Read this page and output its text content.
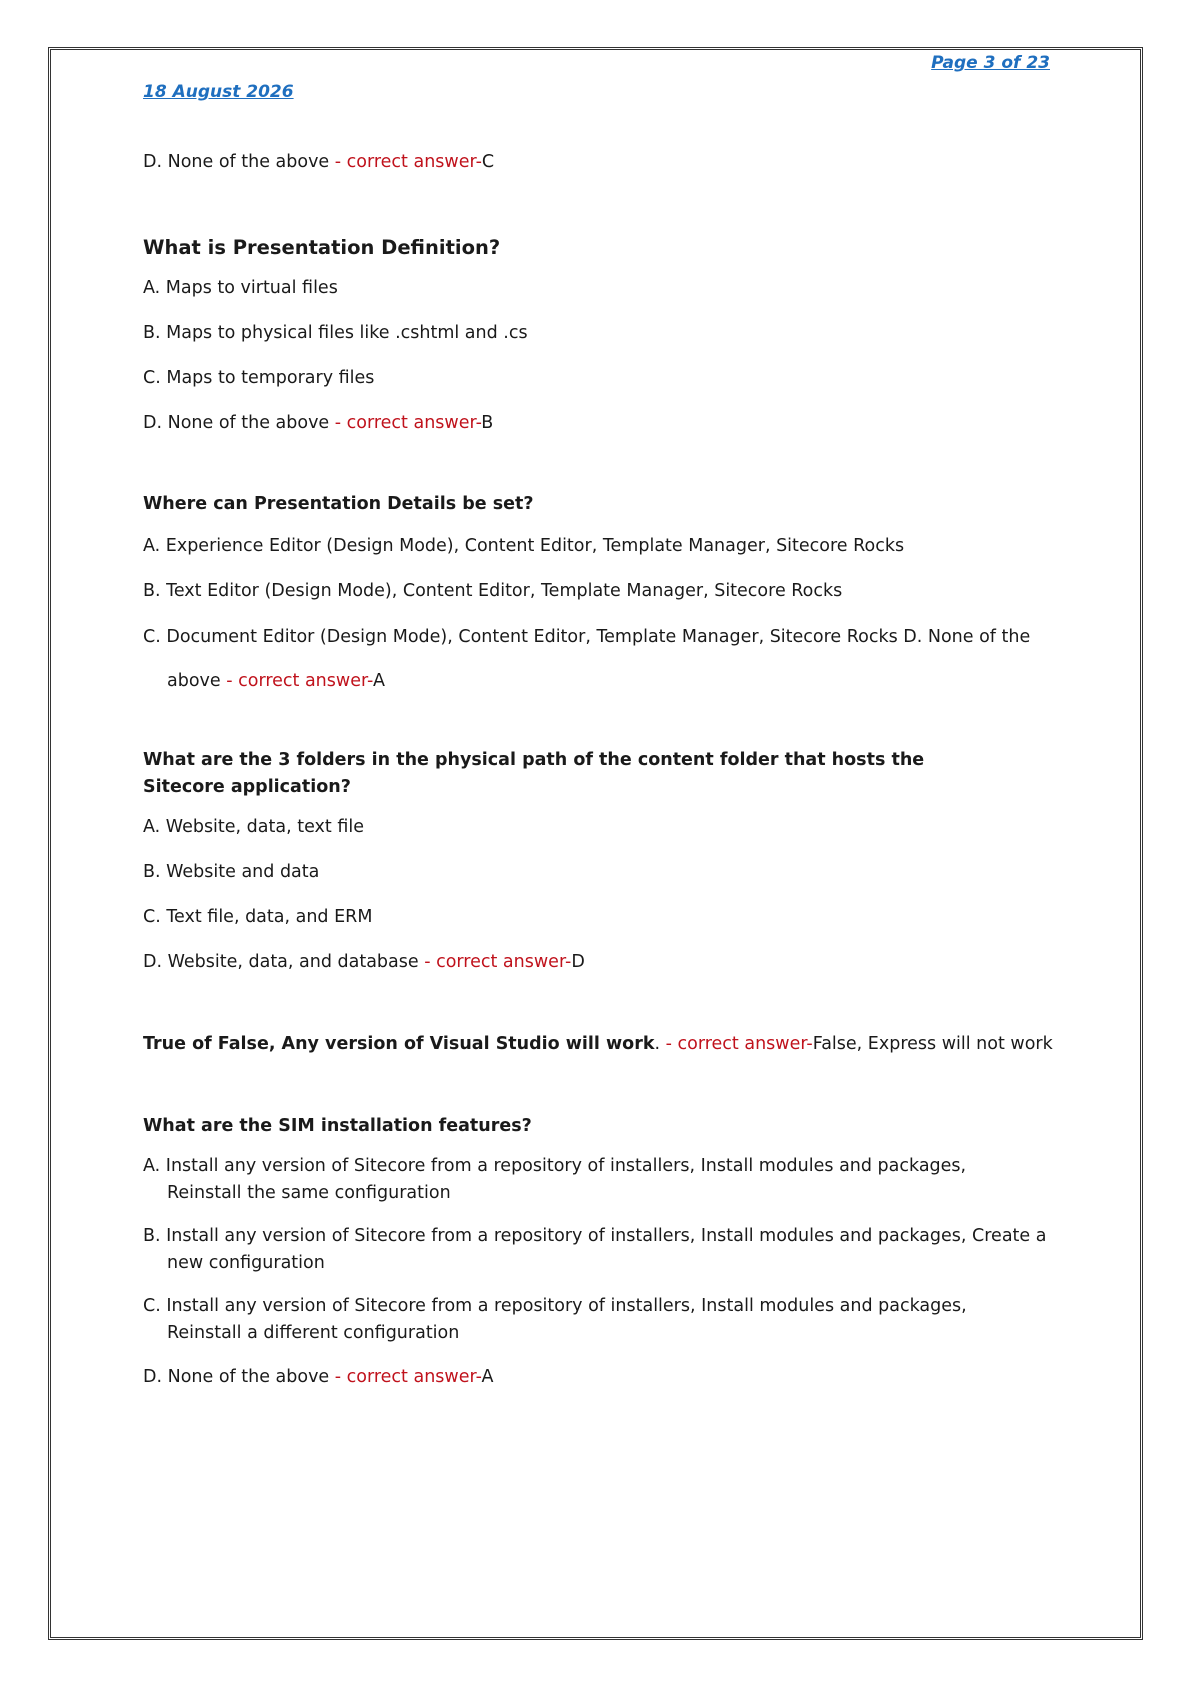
Page 3 of 23
18 August 2026
D. None of the above - correct answer-C
What is Presentation Definition?
A. Maps to virtual files
B. Maps to physical files like .cshtml and .cs
C. Maps to temporary files
D. None of the above - correct answer-B
Where can Presentation Details be set?
A. Experience Editor (Design Mode), Content Editor, Template Manager, Sitecore Rocks
B. Text Editor (Design Mode), Content Editor, Template Manager, Sitecore Rocks
C. Document Editor (Design Mode), Content Editor, Template Manager, Sitecore Rocks D. None of the above - correct answer-A
What are the 3 folders in the physical path of the content folder that hosts the Sitecore application?
A. Website, data, text file
B. Website and data
C. Text file, data, and ERM
D. Website, data, and database - correct answer-D
True of False, Any version of Visual Studio will work. - correct answer-False, Express will not work
What are the SIM installation features?
A. Install any version of Sitecore from a repository of installers, Install modules and packages, Reinstall the same configuration
B. Install any version of Sitecore from a repository of installers, Install modules and packages, Create a new configuration
C. Install any version of Sitecore from a repository of installers, Install modules and packages, Reinstall a different configuration
D. None of the above - correct answer-A
